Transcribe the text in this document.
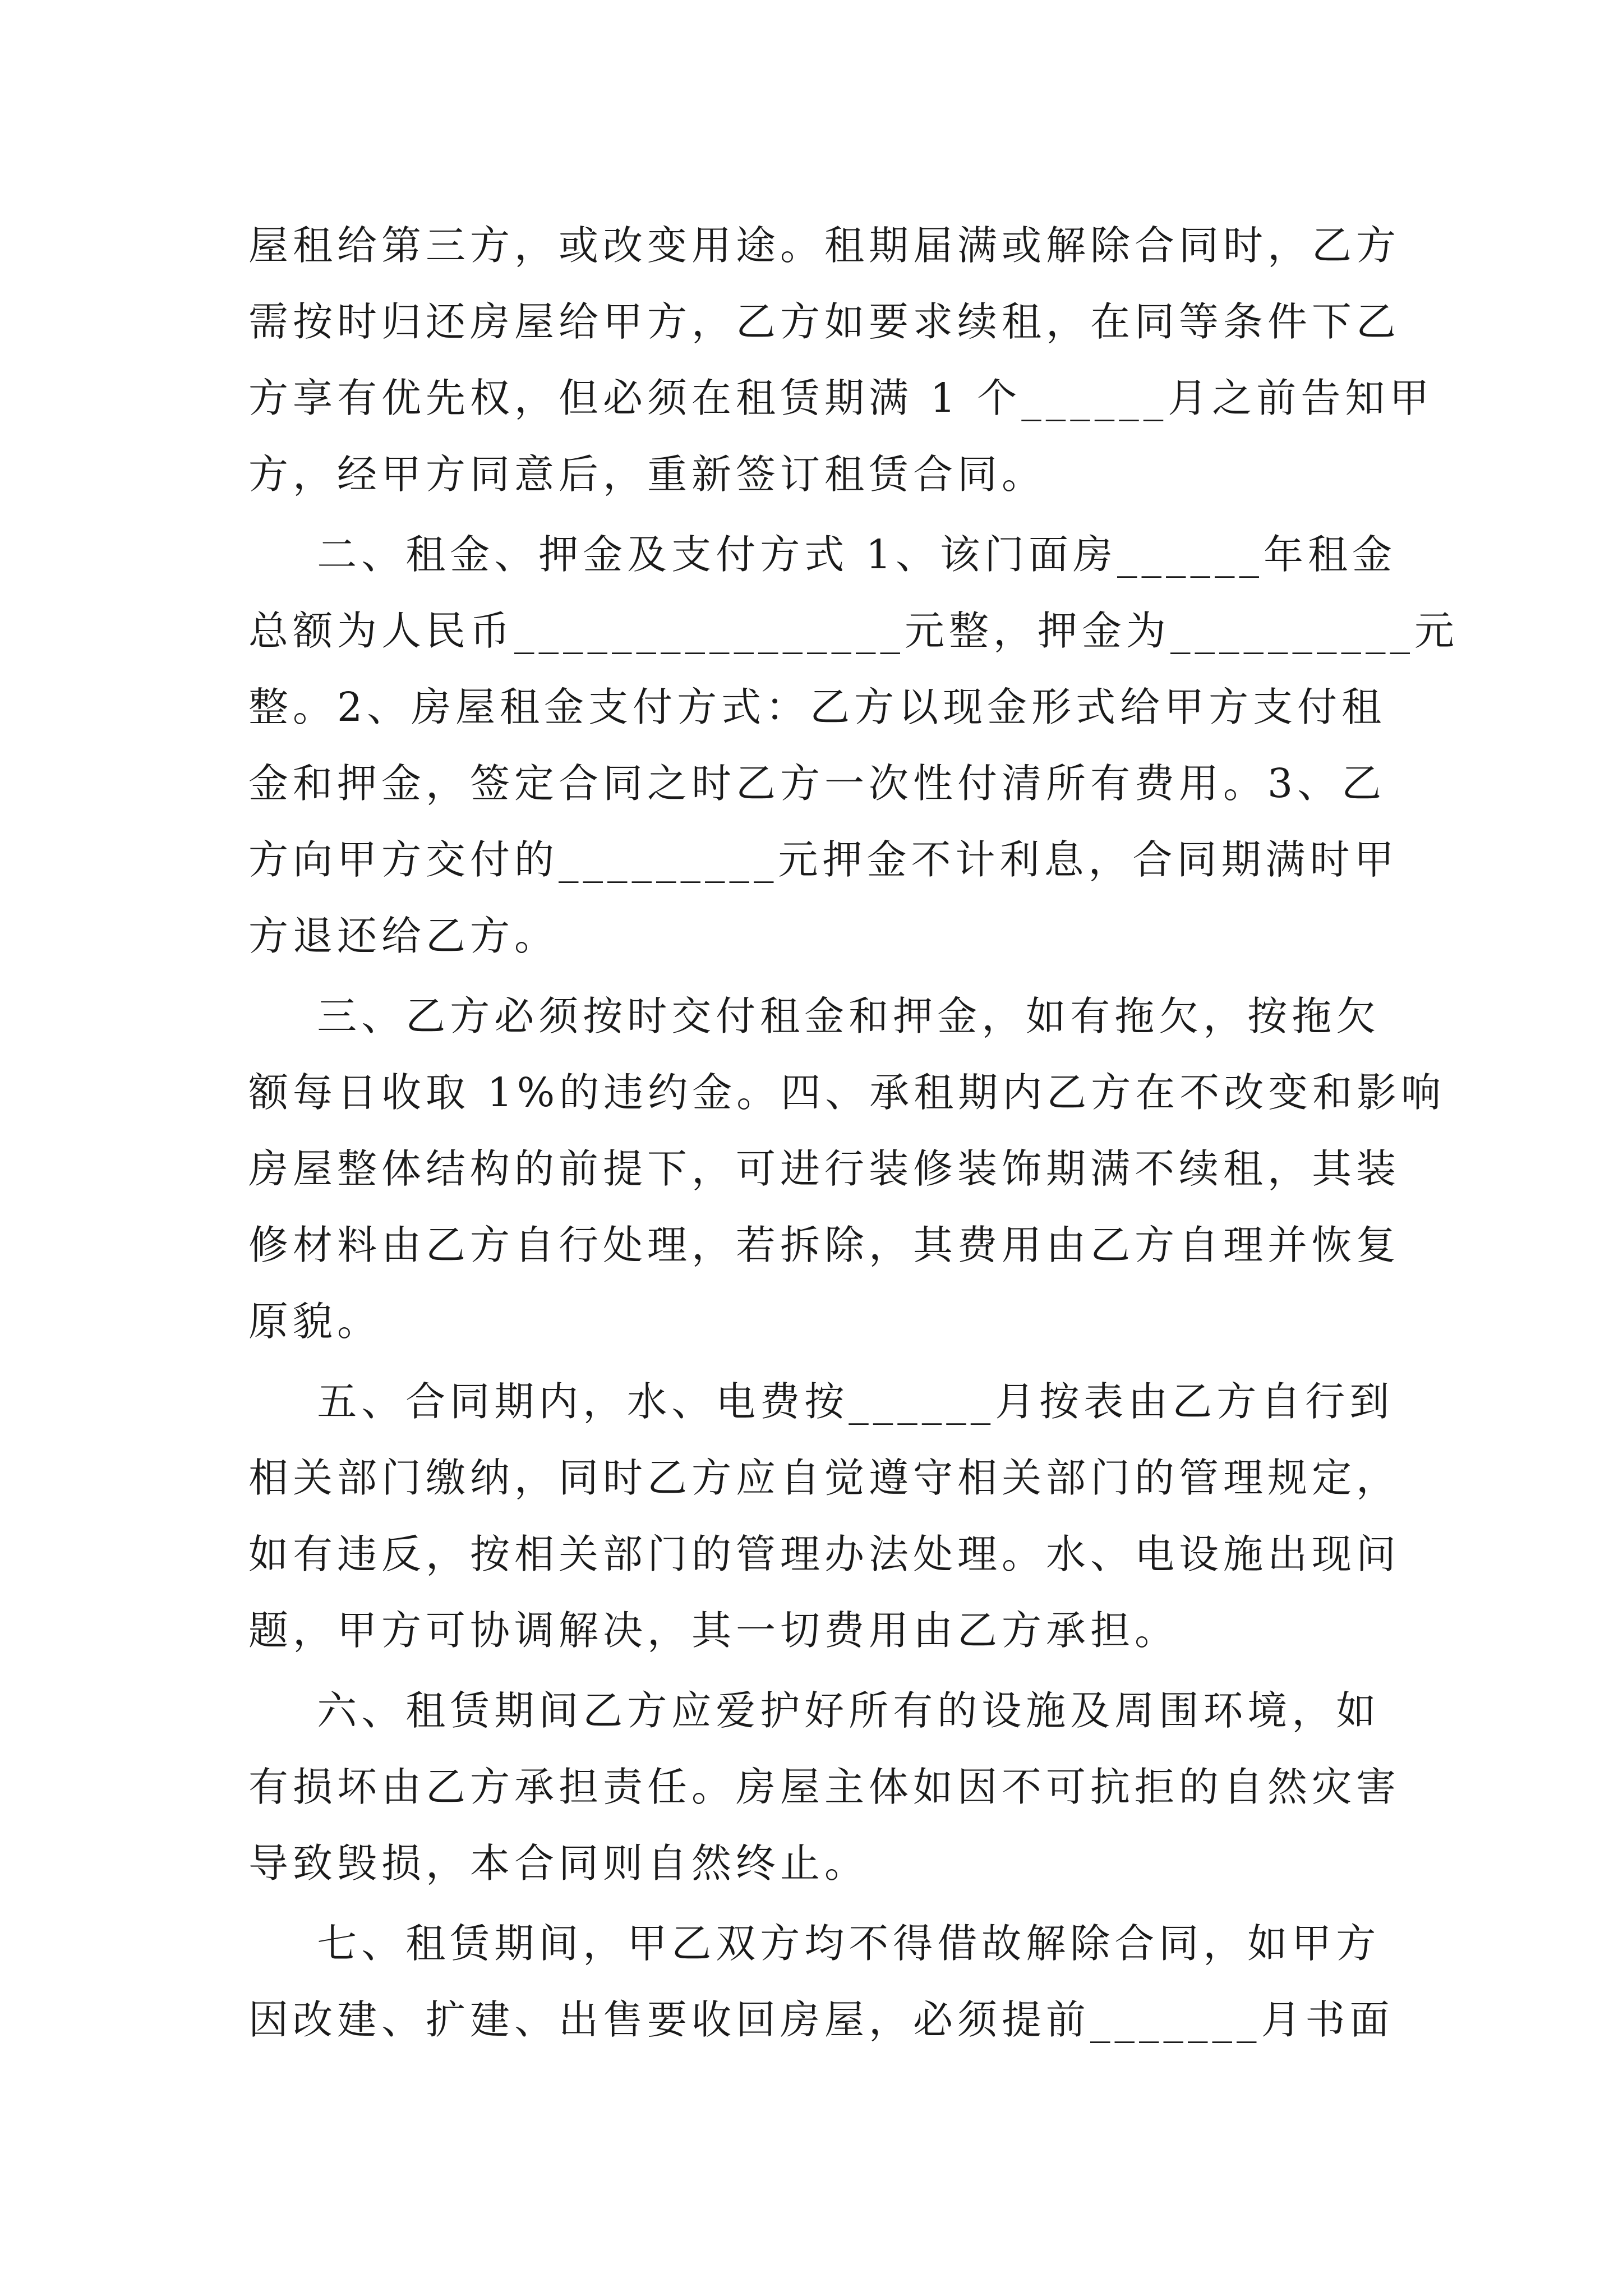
屋租给第三方，或改变用途。租期届满或解除合同时，乙方
需按时归还房屋给甲方，乙方如要求续租，在同等条件下乙
方享有优先权，但必须在租赁期满 1 个______月之前告知甲
方，经甲方同意后，重新签订租赁合同。
二、租金、押金及支付方式 1、该门面房______年租金
总额为人民币________________元整，押金为__________元
整。2、房屋租金支付方式：乙方以现金形式给甲方支付租
金和押金，签定合同之时乙方一次性付清所有费用。3、乙
方向甲方交付的_________元押金不计利息，合同期满时甲
方退还给乙方。
三、乙方必须按时交付租金和押金，如有拖欠，按拖欠
额每日收取 1%的违约金。四、承租期内乙方在不改变和影响
房屋整体结构的前提下，可进行装修装饰期满不续租，其装
修材料由乙方自行处理，若拆除，其费用由乙方自理并恢复
原貌。
五、合同期内，水、电费按______月按表由乙方自行到
相关部门缴纳，同时乙方应自觉遵守相关部门的管理规定，
如有违反，按相关部门的管理办法处理。水、电设施出现问
题，甲方可协调解决，其一切费用由乙方承担。
六、租赁期间乙方应爱护好所有的设施及周围环境，如
有损坏由乙方承担责任。房屋主体如因不可抗拒的自然灾害
导致毁损，本合同则自然终止。
七、租赁期间，甲乙双方均不得借故解除合同，如甲方
因改建、扩建、出售要收回房屋，必须提前_______月书面
